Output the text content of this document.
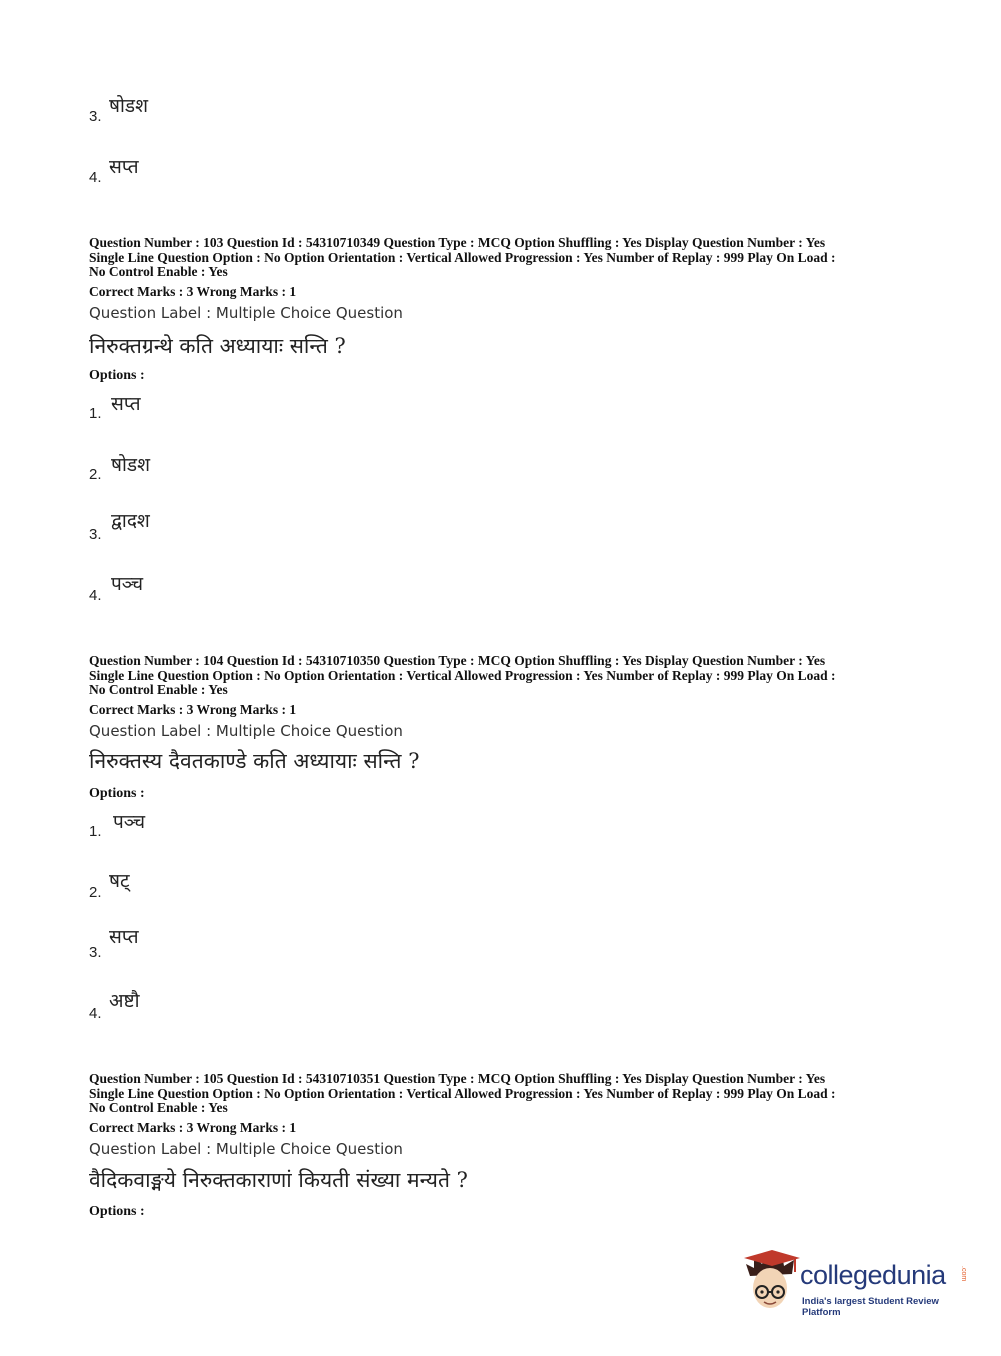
3. षोडश
4. सप्त
Question Number : 103 Question Id : 54310710349 Question Type : MCQ Option Shuffling : Yes Display Question Number : Yes
Single Line Question Option : No Option Orientation : Vertical Allowed Progression : Yes Number of Replay : 999 Play On Load :
No Control Enable : Yes
Correct Marks : 3 Wrong Marks : 1
Question Label : Multiple Choice Question
निरुक्तग्रन्थे कति अध्यायाः सन्ति ?
Options :
1. सप्त
2. षोडश
3.
द्वादश
4.
पञ्च
Question Number : 104 Question Id : 54310710350 Question Type : MCQ Option Shuffling : Yes Display Question Number : Yes
Single Line Question Option : No Option Orientation : Vertical Allowed Progression : Yes Number of Replay : 999 Play On Load :
No Control Enable : Yes
Correct Marks : 3 Wrong Marks : 1
Question Label : Multiple Choice Question
निरुक्तस्य दैवतकाण्डे कति अध्यायाः सन्ति ?
Options :
1. पञ्च
2.
षट्
3.
सप्त
4.
अष्टौ
Question Number : 105 Question Id : 54310710351 Question Type : MCQ Option Shuffling : Yes Display Question Number : Yes
Single Line Question Option : No Option Orientation : Vertical Allowed Progression : Yes Number of Replay : 999 Play On Load :
No Control Enable : Yes
Correct Marks : 3 Wrong Marks : 1
Question Label : Multiple Choice Question
वैदिकवाङ्मये निरुक्तकाराणां कियती संख्या मन्यते ?
Options :
collegedunia .com
India's largest Student Review Platform
